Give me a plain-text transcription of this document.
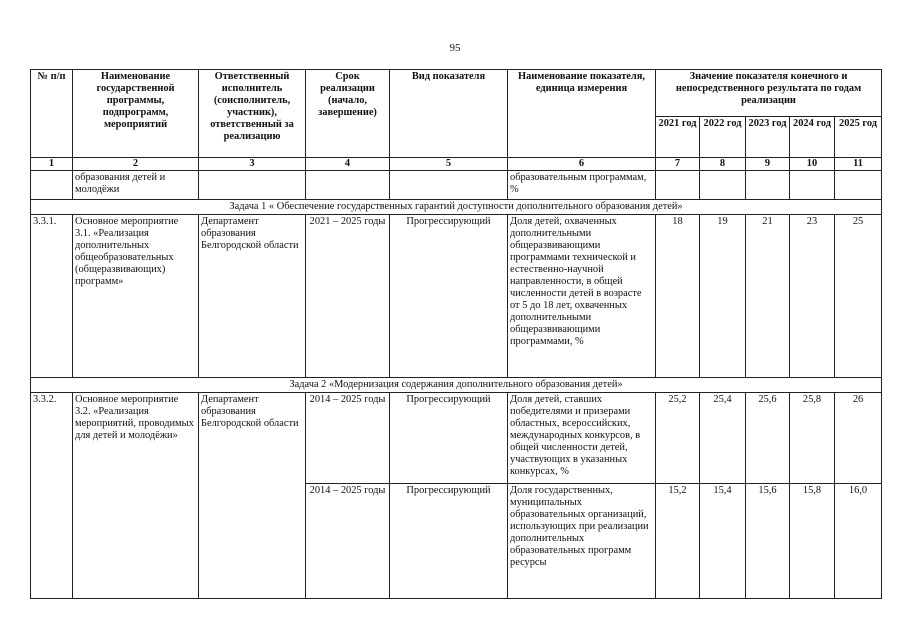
95
№ п/п	Наименование государственной программы, подпрограмм, мероприятий	Ответственный исполнитель (соисполнитель, участник), ответственный за реализацию	Срок реализации (начало, завершение)	Вид показателя	Наименование показателя, единица измерения	Значение показателя конечного и непосредственного результата по годам реализации				
						2021 год	2022 год	2023 год	2024 год	2025 год
1	2	3	4	5	6	7	8	9	10	11
	образования детей и молодёжи				образовательным программам, %					
Задача 1 « Обеспечение государственных гарантий доступности дополнительного образования детей»										
3.3.1.	Основное мероприятие 3.1. «Реализация дополнительных общеобразовательных (общеразвивающих) программ»	Департамент образования Белгородской области	2021 – 2025 годы	Прогрессирующий	Доля детей, охваченных дополнительными общеразвивающими программами технической и естественно-научной направленности, в общей численности детей в возрасте от 5 до 18 лет, охваченных дополнительными общеразвивающими программами, %	18	19	21	23	25
Задача 2 «Модернизация содержания дополнительного образования детей»										
3.3.2.	Основное мероприятие 3.2. «Реализация мероприятий, проводимых для детей и молодёжи»	Департамент образования Белгородской области	2014 – 2025 годы	Прогрессирующий	Доля детей, ставших победителями и призерами областных, всероссийских, международных конкурсов, в общей численности детей, участвующих в указанных конкурсах, %	25,2	25,4	25,6	25,8	26
			2014 – 2025 годы	Прогрессирующий	Доля государственных, муниципальных образовательных организаций, использующих при реализации дополнительных образовательных программ ресурсы	15,2	15,4	15,6	15,8	16,0
